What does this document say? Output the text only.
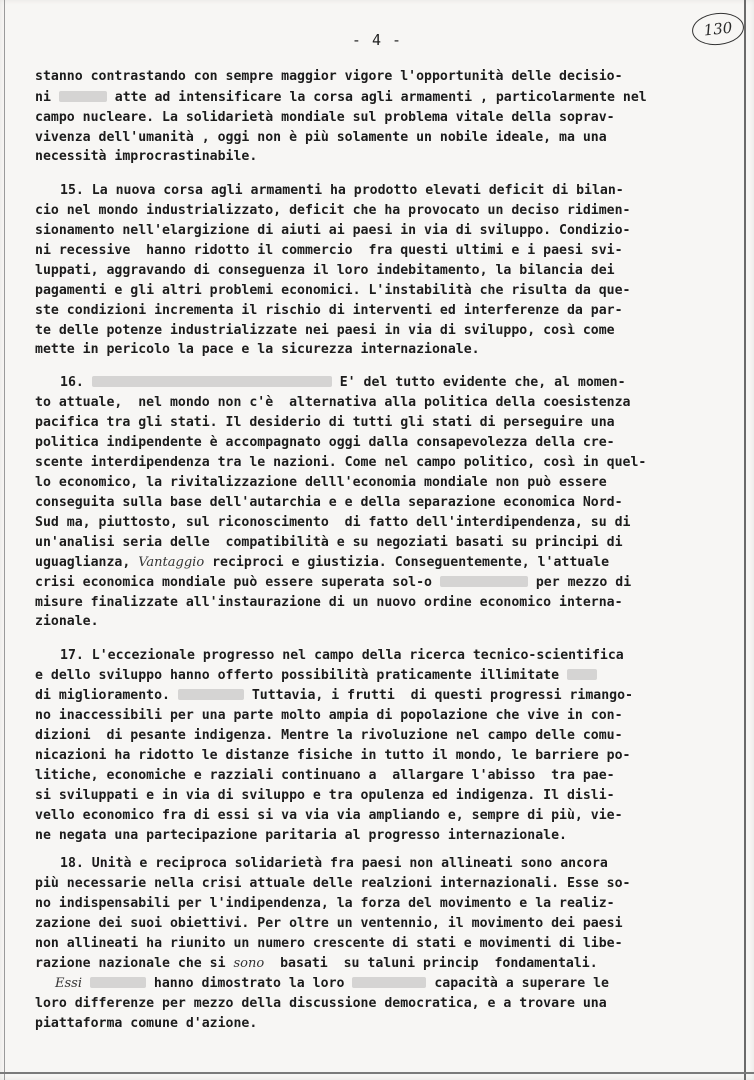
- 4 -
130
stanno contrastando con sempre maggior vigore l'opportunità delle decisio-
ni	atte ad intensificare la corsa agli armamenti , particolarmente nel
campo nucleare. La solidarietà mondiale sul problema vitale della soprav-
vivenza dell'umanità , oggi non è più solamente un nobile ideale, ma una
necessità improcrastinabile.
15. La nuova corsa agli armamenti ha prodotto elevati deficit di bilan-
cio nel mondo industrializzato, deficit che ha provocato un deciso ridimen-
sionamento nell'elargizione di aiuti ai paesi in via di sviluppo. Condizio-
ni recessive  hanno ridotto il commercio  fra questi ultimi e i paesi svi-
luppati, aggravando di conseguenza il loro indebitamento, la bilancia dei
pagamenti e gli altri problemi economici. L'instabilità che risulta da que-
ste condizioni incrementa il rischio di interventi ed interferenze da par-
te delle potenze industrializzate nei paesi in via di sviluppo, così come
mette in pericolo la pace e la sicurezza internazionale.
16.	E' del tutto evidente che, al momen-
to attuale,  nel mondo non c'è  alternativa alla politica della coesistenza
pacifica tra gli stati. Il desiderio di tutti gli stati di perseguire una
politica indipendente è accompagnato oggi dalla consapevolezza della cre-
scente interdipendenza tra le nazioni. Come nel campo politico, così in quel-
lo economico, la rivitalizzazione delll'economia mondiale non può essere
conseguita sulla base dell'autarchia e e della separazione economica Nord-
Sud ma, piuttosto, sul riconoscimento  di fatto dell'interdipendenza, su di
un'analisi seria delle  compatibilità e su negoziati basati su principi di
uguaglianza, Vantaggio reciproci e giustizia. Conseguentemente, l'attuale
crisi economica mondiale può essere superata sol-o	per mezzo di
misure finalizzate all'instaurazione di un nuovo ordine economico interna-
zionale.
17. L'eccezionale progresso nel campo della ricerca tecnico-scientifica
e dello sviluppo hanno offerto possibilità praticamente illimitate
di miglioramento.	Tuttavia, i frutti  di questi progressi rimango-
no inaccessibili per una parte molto ampia di popolazione che vive in con-
dizioni  di pesante indigenza. Mentre la rivoluzione nel campo delle comu-
nicazioni ha ridotto le distanze fisiche in tutto il mondo, le barriere po-
litiche, economiche e razziali continuano a  allargare l'abisso  tra pae-
si sviluppati e in via di sviluppo e tra opulenza ed indigenza. Il disli-
vello economico fra di essi si va via via ampliando e, sempre di più, vie-
ne negata una partecipazione paritaria al progresso internazionale.
18. Unità e reciproca solidarietà fra paesi non allineati sono ancora
più necessarie nella crisi attuale delle realzioni internazionali. Esse so-
no indispensabili per l'indipendenza, la forza del movimento e la realiz-
zazione dei suoi obiettivi. Per oltre un ventennio, il movimento dei paesi
non allineati ha riunito un numero crescente di stati e movimenti di libe-
razione nazionale che si sono  basati  su taluni princip  fondamentali.
Essi	hanno dimostrato la loro	capacità a superare le
loro differenze per mezzo della discussione democratica, e a trovare una
piattaforma comune d'azione.
